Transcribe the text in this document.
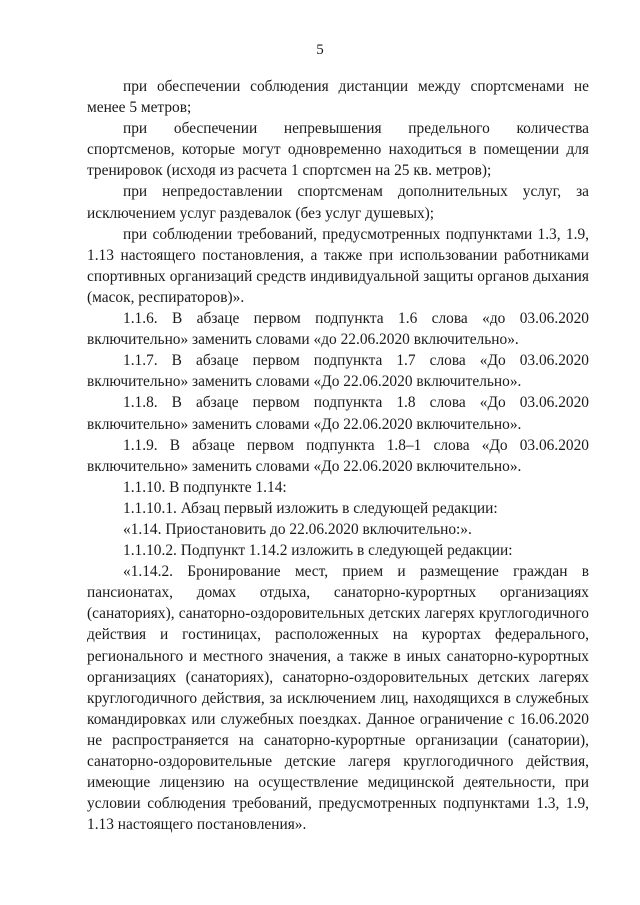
5

при обеспечении соблюдения дистанции между спортсменами не менее 5 метров;

при обеспечении непревышения предельного количества спортсменов, которые могут одновременно находиться в помещении для тренировок (исходя из расчета 1 спортсмен на 25 кв. метров);

при непредоставлении спортсменам дополнительных услуг, за исключением услуг раздевалок (без услуг душевых);

при соблюдении требований, предусмотренных подпунктами 1.3, 1.9, 1.13 настоящего постановления, а также при использовании работниками спортивных организаций средств индивидуальной защиты органов дыхания (масок, респираторов)».

1.1.6. В абзаце первом подпункта 1.6 слова «до 03.06.2020 включительно» заменить словами «до 22.06.2020 включительно».

1.1.7. В абзаце первом подпункта 1.7 слова «До 03.06.2020 включительно» заменить словами «До 22.06.2020 включительно».

1.1.8. В абзаце первом подпункта 1.8 слова «До 03.06.2020 включительно» заменить словами «До 22.06.2020 включительно».

1.1.9. В абзаце первом подпункта 1.8–1 слова «До 03.06.2020 включительно» заменить словами «До 22.06.2020 включительно».

1.1.10. В подпункте 1.14:

1.1.10.1. Абзац первый изложить в следующей редакции:

«1.14. Приостановить до 22.06.2020 включительно:».

1.1.10.2. Подпункт 1.14.2 изложить в следующей редакции:

«1.14.2. Бронирование мест, прием и размещение граждан в пансионатах, домах отдыха, санаторно-курортных организациях (санаториях), санаторно-оздоровительных детских лагерях круглогодичного действия и гостиницах, расположенных на курортах федерального, регионального и местного значения, а также в иных санаторно-курортных организациях (санаториях), санаторно-оздоровительных детских лагерях круглогодичного действия, за исключением лиц, находящихся в служебных командировках или служебных поездках. Данное ограничение с 16.06.2020 не распространяется на санаторно-курортные организации (санатории), санаторно-оздоровительные детские лагеря круглогодичного действия, имеющие лицензию на осуществление медицинской деятельности, при условии соблюдения требований, предусмотренных подпунктами 1.3, 1.9, 1.13 настоящего постановления».
